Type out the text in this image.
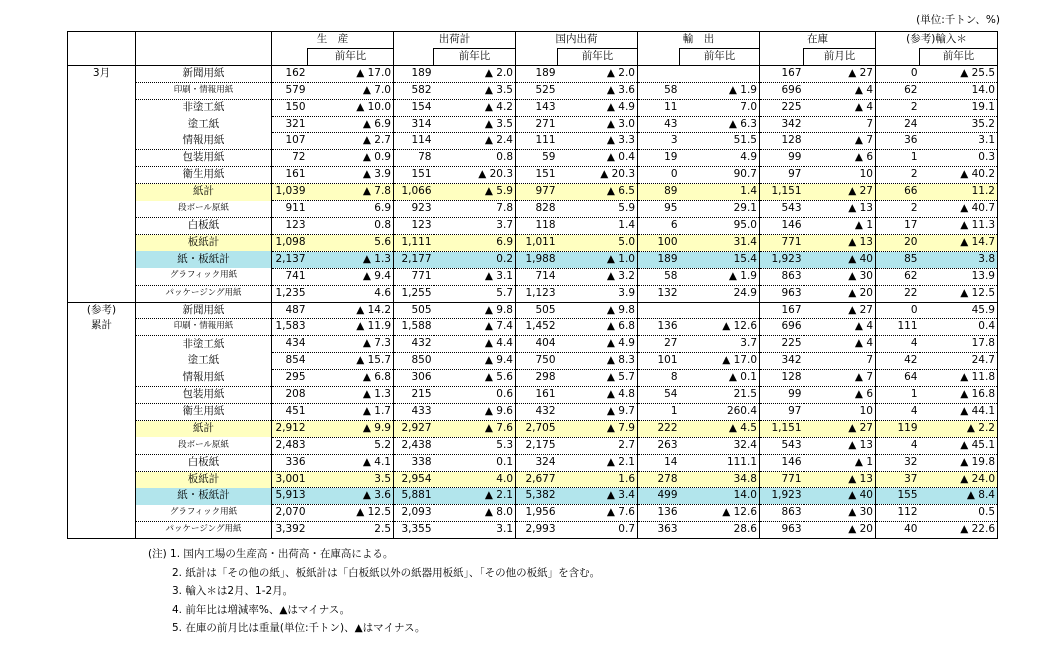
(単位:千トン、%)
		生　産		出荷計		国内出荷		輸　出		在庫		(参考)輸入＊	
			前年比		前年比		前年比		前年比		前月比		前年比
3月	新聞用紙	162	▲ 17.0	189	▲ 2.0	189	▲ 2.0			167	▲ 27	0	▲ 25.5
	印刷・情報用紙	579	▲ 7.0	582	▲ 3.5	525	▲ 3.6	58	▲ 1.9	696	▲ 4	62	14.0
	非塗工紙	150	▲ 10.0	154	▲ 4.2	143	▲ 4.9	11	7.0	225	▲ 4	2	19.1
	塗工紙	321	▲ 6.9	314	▲ 3.5	271	▲ 3.0	43	▲ 6.3	342	7	24	35.2
	情報用紙	107	▲ 2.7	114	▲ 2.4	111	▲ 3.3	3	51.5	128	▲ 7	36	3.1
	包装用紙	72	▲ 0.9	78	0.8	59	▲ 0.4	19	4.9	99	▲ 6	1	0.3
	衛生用紙	161	▲ 3.9	151	▲ 20.3	151	▲ 20.3	0	90.7	97	10	2	▲ 40.2
	紙計	1,039	▲ 7.8	1,066	▲ 5.9	977	▲ 6.5	89	1.4	1,151	▲ 27	66	11.2
	段ボール原紙	911	6.9	923	7.8	828	5.9	95	29.1	543	▲ 13	2	▲ 40.7
	白板紙	123	0.8	123	3.7	118	1.4	6	95.0	146	▲ 1	17	▲ 11.3
	板紙計	1,098	5.6	1,111	6.9	1,011	5.0	100	31.4	771	▲ 13	20	▲ 14.7
	紙・板紙計	2,137	▲ 1.3	2,177	0.2	1,988	▲ 1.0	189	15.4	1,923	▲ 40	85	3.8
	グラフィック用紙	741	▲ 9.4	771	▲ 3.1	714	▲ 3.2	58	▲ 1.9	863	▲ 30	62	13.9
	パッケージング用紙	1,235	4.6	1,255	5.7	1,123	3.9	132	24.9	963	▲ 20	22	▲ 12.5
(参考)
累計	新聞用紙	487	▲ 14.2	505	▲ 9.8	505	▲ 9.8			167	▲ 27	0	45.9
	印刷・情報用紙	1,583	▲ 11.9	1,588	▲ 7.4	1,452	▲ 6.8	136	▲ 12.6	696	▲ 4	111	0.4
	非塗工紙	434	▲ 7.3	432	▲ 4.4	404	▲ 4.9	27	3.7	225	▲ 4	4	17.8
	塗工紙	854	▲ 15.7	850	▲ 9.4	750	▲ 8.3	101	▲ 17.0	342	7	42	24.7
	情報用紙	295	▲ 6.8	306	▲ 5.6	298	▲ 5.7	8	▲ 0.1	128	▲ 7	64	▲ 11.8
	包装用紙	208	▲ 1.3	215	0.6	161	▲ 4.8	54	21.5	99	▲ 6	1	▲ 16.8
	衛生用紙	451	▲ 1.7	433	▲ 9.6	432	▲ 9.7	1	260.4	97	10	4	▲ 44.1
	紙計	2,912	▲ 9.9	2,927	▲ 7.6	2,705	▲ 7.9	222	▲ 4.5	1,151	▲ 27	119	▲ 2.2
	段ボール原紙	2,483	5.2	2,438	5.3	2,175	2.7	263	32.4	543	▲ 13	4	▲ 45.1
	白板紙	336	▲ 4.1	338	0.1	324	▲ 2.1	14	111.1	146	▲ 1	32	▲ 19.8
	板紙計	3,001	3.5	2,954	4.0	2,677	1.6	278	34.8	771	▲ 13	37	▲ 24.0
	紙・板紙計	5,913	▲ 3.6	5,881	▲ 2.1	5,382	▲ 3.4	499	14.0	1,923	▲ 40	155	▲ 8.4
	グラフィック用紙	2,070	▲ 12.5	2,093	▲ 8.0	1,956	▲ 7.6	136	▲ 12.6	863	▲ 30	112	0.5
	パッケージング用紙	3,392	2.5	3,355	3.1	2,993	0.7	363	28.6	963	▲ 20	40	▲ 22.6
(注) 1. 国内工場の生産高・出荷高・在庫高による。
2. 紙計は「その他の紙」、板紙計は「白板紙以外の紙器用板紙」、「その他の板紙」を含む。
3. 輸入＊は2月、1-2月。
4. 前年比は増減率%、▲はマイナス。
5. 在庫の前月比は重量(単位:千トン)、▲はマイナス。
